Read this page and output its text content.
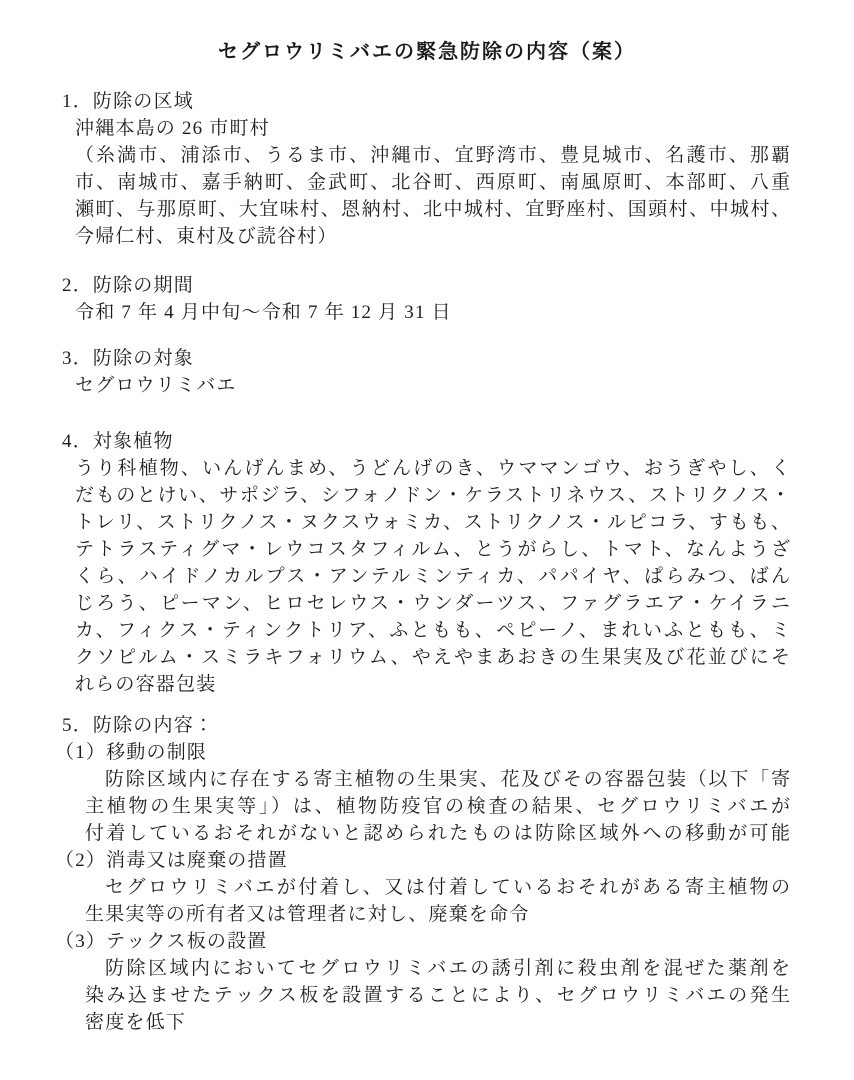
セグロウリミバエの緊急防除の内容（案）
1．防除の区域
沖縄本島の 26 市町村
（糸満市、浦添市、うるま市、沖縄市、宜野湾市、豊見城市、名護市、那覇
市、南城市、嘉手納町、金武町、北谷町、西原町、南風原町、本部町、八重
瀬町、与那原町、大宜味村、恩納村、北中城村、宜野座村、国頭村、中城村、
今帰仁村、東村及び読谷村）
2．防除の期間
令和 7 年 4 月中旬～令和 7 年 12 月 31 日
3．防除の対象
セグロウリミバエ
4．対象植物
うり科植物、いんげんまめ、うどんげのき、ウママンゴウ、おうぎやし、く
だものとけい、サポジラ、シフォノドン・ケラストリネウス、ストリクノス・
トレリ、ストリクノス・ヌクスウォミカ、ストリクノス・ルピコラ、すもも、
テトラスティグマ・レウコスタフィルム、とうがらし、トマト、なんようざ
くら、ハイドノカルプス・アンテルミンティカ、パパイヤ、ぱらみつ、ばん
じろう、ピーマン、ヒロセレウス・ウンダーツス、ファグラエア・ケイラニ
カ、フィクス・ティンクトリア、ふともも、ペピーノ、まれいふともも、ミ
クソピルム・スミラキフォリウム、やえやまあおきの生果実及び花並びにそ
れらの容器包装
5．防除の内容：
（1）移動の制限
防除区域内に存在する寄主植物の生果実、花及びその容器包装（以下「寄
主植物の生果実等」）は、植物防疫官の検査の結果、セグロウリミバエが
付着しているおそれがないと認められたものは防除区域外への移動が可能
（2）消毒又は廃棄の措置
セグロウリミバエが付着し、又は付着しているおそれがある寄主植物の
生果実等の所有者又は管理者に対し、廃棄を命令
（3）テックス板の設置
防除区域内においてセグロウリミバエの誘引剤に殺虫剤を混ぜた薬剤を
染み込ませたテックス板を設置することにより、セグロウリミバエの発生
密度を低下
